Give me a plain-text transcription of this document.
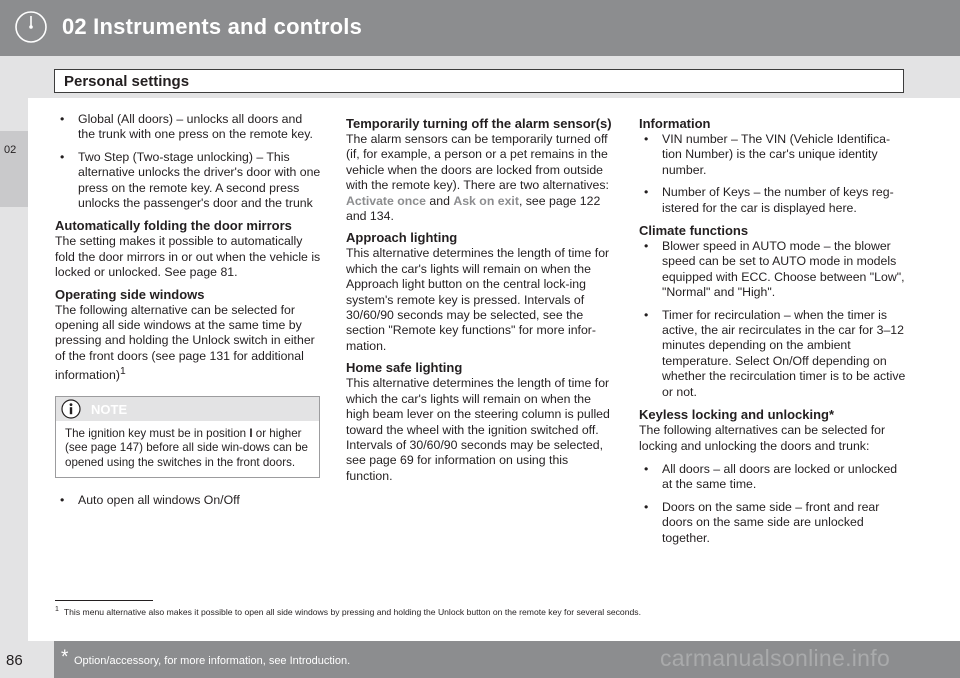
02 Instruments and controls
Personal settings
02
• Global (All doors) – unlocks all doors and the trunk with one press on the remote key.
• Two Step (Two-stage unlocking) – This alternative unlocks the driver's door with one press on the remote key. A second press unlocks the passenger's door and the trunk
Automatically folding the door mirrors

The setting makes it possible to automatically fold the door mirrors in or out when the vehicle is locked or unlocked. See page 81.

Operating side windows

The following alternative can be selected for opening all side windows at the same time by pressing and holding the Unlock switch in either of the front doors (see page 131 for additional information)$^1$

NOTE
The ignition key must be in position I or higher (see page 147) before all side win-dows can be opened using the switches in the front doors.
• Auto open all windows On/Off
Temporarily turning off the alarm sensor(s)

The alarm sensors can be temporarily turned off (if, for example, a person or a pet remains in the vehicle when the doors are locked from outside with the remote key). There are two alternatives: Activate once and Ask on exit, see page 122 and 134.

Approach lighting

This alternative determines the length of time for which the car's lights will remain on when the Approach light button on the central lock-ing system's remote key is pressed. Intervals of 30/60/90 seconds may be selected, see the section "Remote key functions" for more infor-mation.

Home safe lighting

This alternative determines the length of time for which the car's lights will remain on when the high beam lever on the steering column is pulled toward the wheel with the ignition switched off. Intervals of 30/60/90 seconds may be selected, see page 69 for information on using this function.

Information
• VIN number – The VIN (Vehicle Identifica-tion Number) is the car's unique identity number.
• Number of Keys – the number of keys reg-istered for the car is displayed here.
Climate functions
• Blower speed in AUTO mode – the blower speed can be set to AUTO mode in models equipped with ECC. Choose between "Low", "Normal" and "High".
• Timer for recirculation – when the timer is active, the air recirculates in the car for 3–12 minutes depending on the ambient temperature. Select On/Off depending on whether the recirculation timer is to be active or not.
Keyless locking and unlocking*

The following alternatives can be selected for locking and unlocking the doors and trunk:

• All doors – all doors are locked or unlocked at the same time.
• Doors on the same side – front and rear doors on the same side are unlocked together.
$^1$ This menu alternative also makes it possible to open all side windows by pressing and holding the Unlock button on the remote key for several seconds.
86 * Option/accessory, for more information, see Introduction.	carmanualsonline.info
